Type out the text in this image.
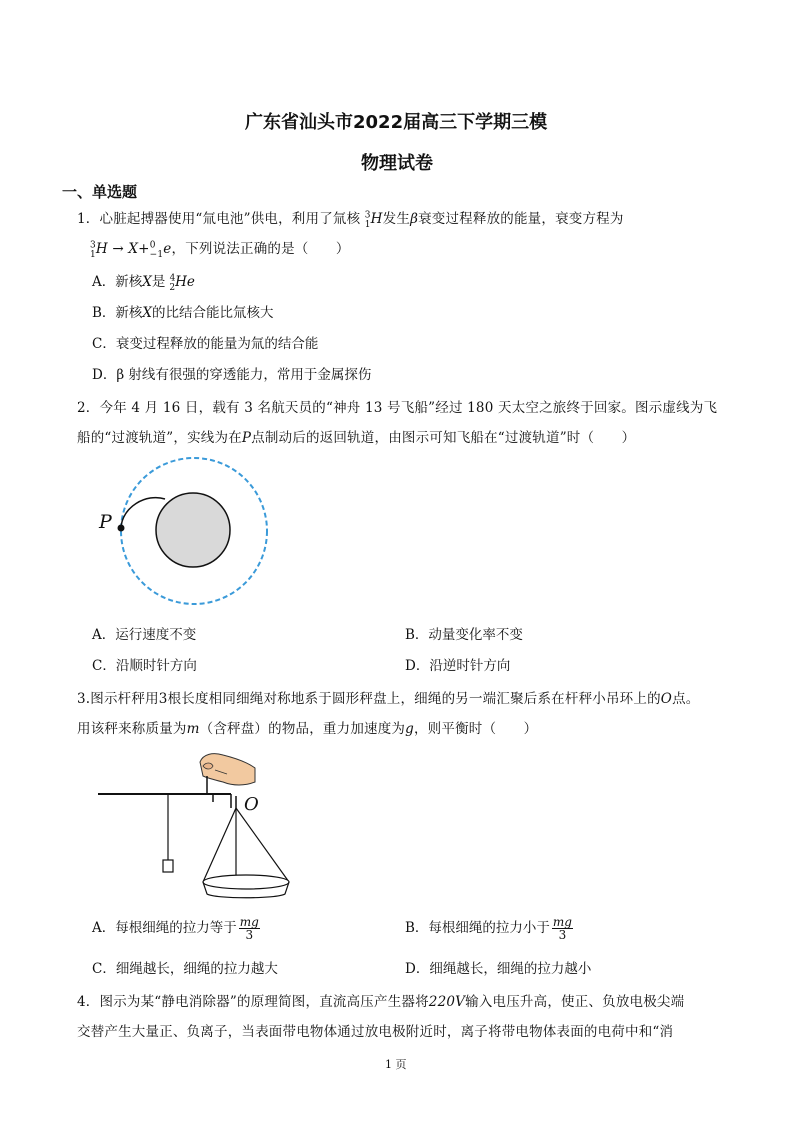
广东省汕头市2022届高三下学期三模
物理试卷
一、单选题
1．心脏起搏器使用“氚电池”供电，利用了氚核 $^3_1$H发生β衰变过程释放的能量，衰变方程为
$^3_1$H → X+$^0_{-1}$e，下列说法正确的是（　　）
A．新核X是 $^4_2$He
B．新核X的比结合能比氚核大
C．衰变过程释放的能量为氚的结合能
D．β 射线有很强的穿透能力，常用于金属探伤
2．今年 4 月 16 日，载有 3 名航天员的“神舟 13 号飞船”经过 180 天太空之旅终于回家。图示虚线为飞
船的“过渡轨道”，实线为在P点制动后的返回轨道，由图示可知飞船在“过渡轨道”时（　　）
P
A．运行速度不变	B．动量变化率不变
C．沿顺时针方向	D．沿逆时针方向
3.图示杆秤用3根长度相同细绳对称地系于圆形秤盘上，细绳的另一端汇聚后系在杆秤小吊环上的O点。
用该秤来称质量为m（含秤盘）的物品，重力加速度为g，则平衡时（　　）
O
A．每根细绳的拉力等于 $\frac{mg}{3}$	B．每根细绳的拉力小于 $\frac{mg}{3}$
C．细绳越长，细绳的拉力越大	D．细绳越长，细绳的拉力越小
4．图示为某“静电消除器”的原理简图，直流高压产生器将220V输入电压升高，使正、负放电极尖端
交替产生大量正、负离子，当表面带电物体通过放电极附近时，离子将带电物体表面的电荷中和“消
1 页
